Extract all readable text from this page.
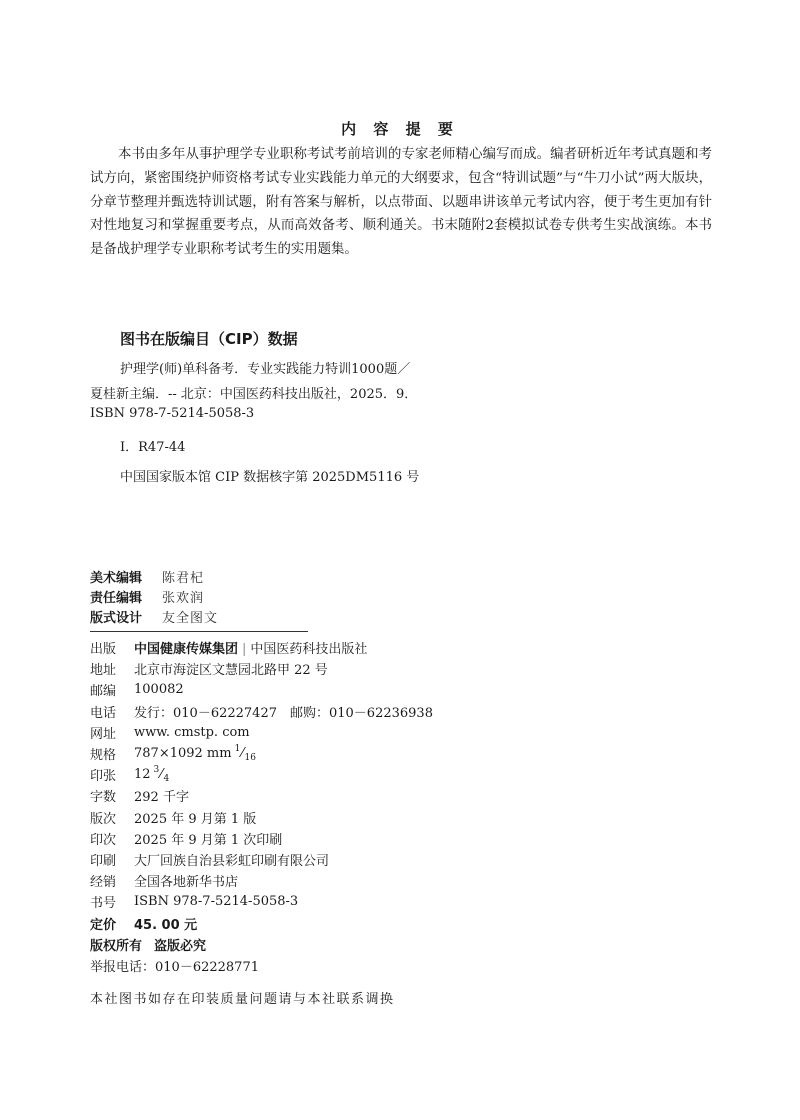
内 容 提 要
本书由多年从事护理学专业职称考试考前培训的专家老师精心编写而成。编者研析近年考试真题和考试方向，紧密围绕护师资格考试专业实践能力单元的大纲要求，包含“特训试题”与“牛刀小试”两大版块，分章节整理并甄选特训试题，附有答案与解析，以点带面、以题串讲该单元考试内容，便于考生更加有针对性地复习和掌握重要考点，从而高效备考、顺利通关。书末随附2套模拟试卷专供考生实战演练。本书是备战护理学专业职称考试考生的实用题集。
图书在版编目（CIP）数据
护理学(师)单科备考．专业实践能力特训1000题／
夏桂新主编．-- 北京：中国医药科技出版社，2025．9．
ISBN 978-7-5214-5058-3
Ⅰ．R47-44
中国国家版本馆 CIP 数据核字第 2025DM5116 号
美术编辑	陈君杞
责任编辑	张欢润
版式设计	友全图文
出版	中国健康传媒集团 | 中国医药科技出版社
地址	北京市海淀区文慧园北路甲 22 号
邮编	100082
电话	发行：010－62227427　邮购：010－62236938
网址	www. cmstp. com
规格	787×1092 mm $^1⁄_{16}$
印张	12 $^3⁄_4$
字数	292 千字
版次	2025 年 9 月第 1 版
印次	2025 年 9 月第 1 次印刷
印刷	大厂回族自治县彩虹印刷有限公司
经销	全国各地新华书店
书号	ISBN 978-7-5214-5058-3
定价	45. 00 元
版权所有 盗版必究
举报电话：010－62228771
本社图书如存在印装质量问题请与本社联系调换
